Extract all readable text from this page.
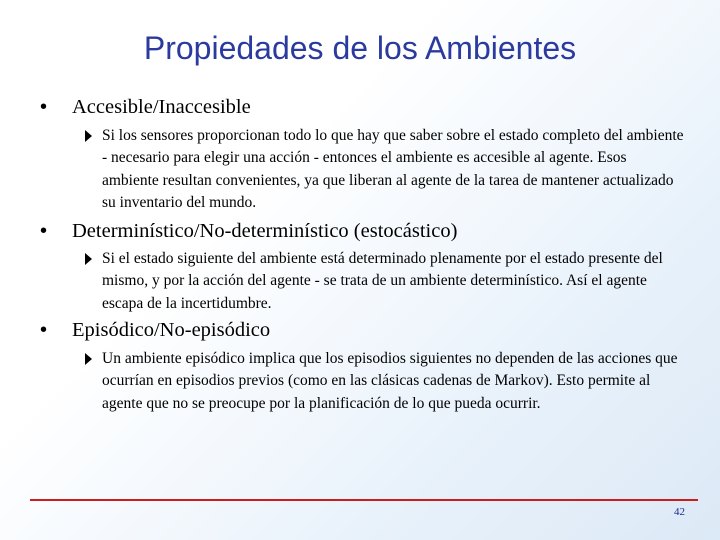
Propiedades de los Ambientes
• Accesible/Inaccesible
Si los sensores proporcionan todo lo que hay que saber sobre el estado completo del ambiente - necesario para elegir una acción - entonces el ambiente es accesible al agente. Esos ambiente resultan convenientes, ya que liberan al agente de la tarea de mantener actualizado su inventario del mundo.
• Determinístico/No-determinístico (estocástico)
Si el estado siguiente del ambiente está determinado plenamente por el estado presente del mismo, y por la acción del agente - se trata de un ambiente determinístico. Así el agente escapa de la incertidumbre.
• Episódico/No-episódico
Un ambiente episódico implica que los episodios siguientes no dependen de las acciones que ocurrían en episodios previos (como en las clásicas cadenas de Markov). Esto permite al agente que no se preocupe por la planificación de lo que pueda ocurrir.
42
